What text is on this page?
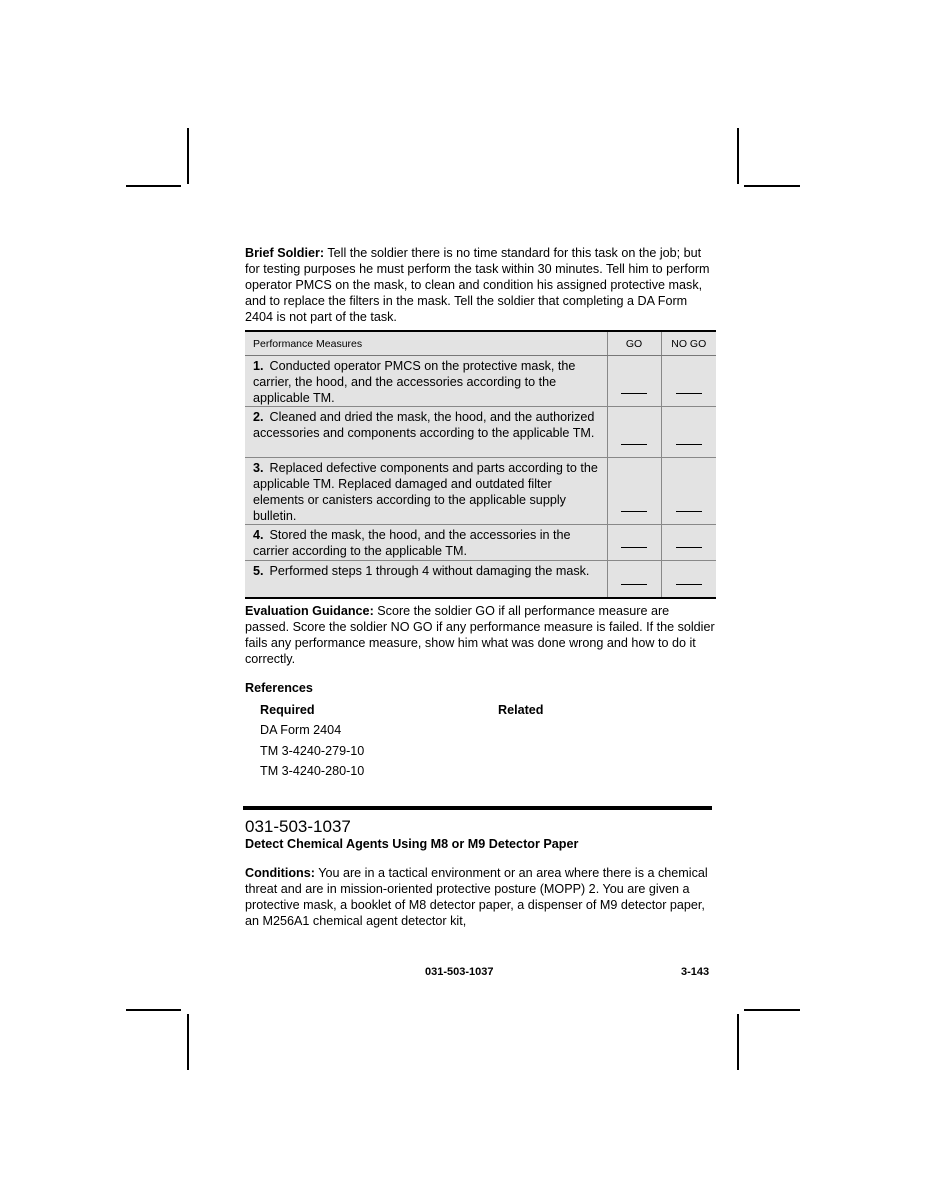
Brief Soldier: Tell the soldier there is no time standard for this task on the job; but for testing purposes he must perform the task within 30 minutes. Tell him to perform operator PMCS on the mask, to clean and condition his assigned protective mask, and to replace the filters in the mask. Tell the soldier that completing a DA Form 2404 is not part of the task.

Performance Measures	GO	NO GO
1. Conducted operator PMCS on the protective mask, the carrier, the hood, and the accessories according to the applicable TM.		
2. Cleaned and dried the mask, the hood, and the authorized accessories and components according to the applicable TM.		
3. Replaced defective components and parts according to the applicable TM. Replaced damaged and outdated filter elements or canisters according to the applicable supply bulletin.		
4. Stored the mask, the hood, and the accessories in the carrier according to the applicable TM.		
5. Performed steps 1 through 4 without damaging the mask.		

Evaluation Guidance: Score the soldier GO if all performance measure are passed. Score the soldier NO GO if any performance measure is failed. If the soldier fails any performance measure, show him what was done wrong and how to do it correctly.

References
Required
DA Form 2404
TM 3-4240-279-10
TM 3-4240-280-10
Related
031-503-1037
Detect Chemical Agents Using M8 or M9 Detector Paper

Conditions: You are in a tactical environment or an area where there is a chemical threat and are in mission-oriented protective posture (MOPP) 2. You are given a protective mask, a booklet of M8 detector paper, a dispenser of M9 detector paper, an M256A1 chemical agent detector kit,

031-503-1037	3-143
